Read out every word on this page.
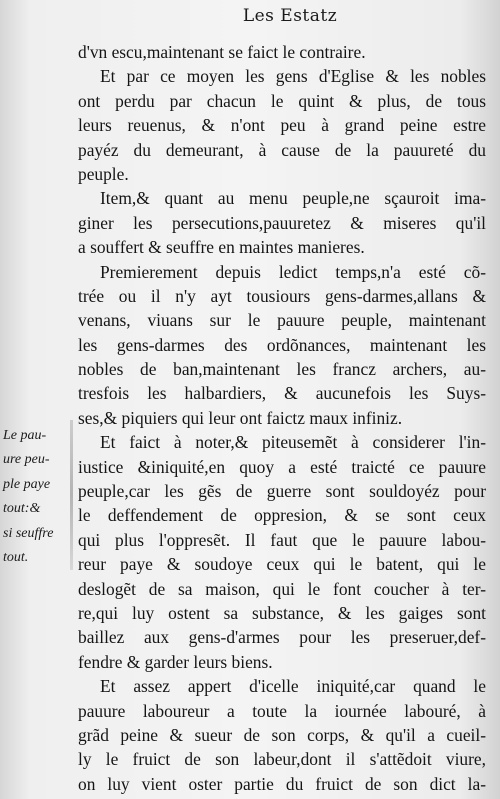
Les Estatz
Le pau-
ure peu-
ple paye
tout:&
si seuffre
tout.
d'vn escu,maintenant se faict le contraire.
Et par ce moyen les gens d'Eglise & les nobles
ont perdu par chacun le quint & plus, de tous
leurs reuenus, & n'ont peu à grand peine estre
payéz du demeurant, à cause de la pauureté du
peuple.
Item,& quant au menu peuple,ne sçauroit ima-
giner les persecutions,pauuretez & miseres qu'il
a souffert & seuffre en maintes manieres.
Premierement depuis ledict temps,n'a esté cõ-
trée ou il n'y ayt tousiours gens-darmes,allans &
venans, viuans sur le pauure peuple, maintenant
les gens-darmes des ordõnances, maintenant les
nobles de ban,maintenant les francz archers, au-
tresfois les halbardiers, & aucunefois les Suys-
ses,& piquiers qui leur ont faictz maux infiniz.
Et faict à noter,& piteusemẽt à considerer l'in-
iustice &iniquité,en quoy a esté traicté ce pauure
peuple,car les gẽs de guerre sont souldoyéz pour
le deffendement de oppresion, & se sont ceux
qui plus l'oppresẽt. Il faut que le pauure labou-
reur paye & soudoye ceux qui le batent, qui le
deslogẽt de sa maison, qui le font coucher à ter-
re,qui luy ostent sa substance, & les gaiges sont
baillez aux gens-d'armes pour les preseruer,def-
fendre & garder leurs biens.
Et assez appert d'icelle iniquité,car quand le
pauure laboureur a toute la iournée labouré, à
grãd peine & sueur de son corps, & qu'il a cueil-
ly le fruict de son labeur,dont il s'attẽdoit viure,
on luy vient oster partie du fruict de son dict la-
